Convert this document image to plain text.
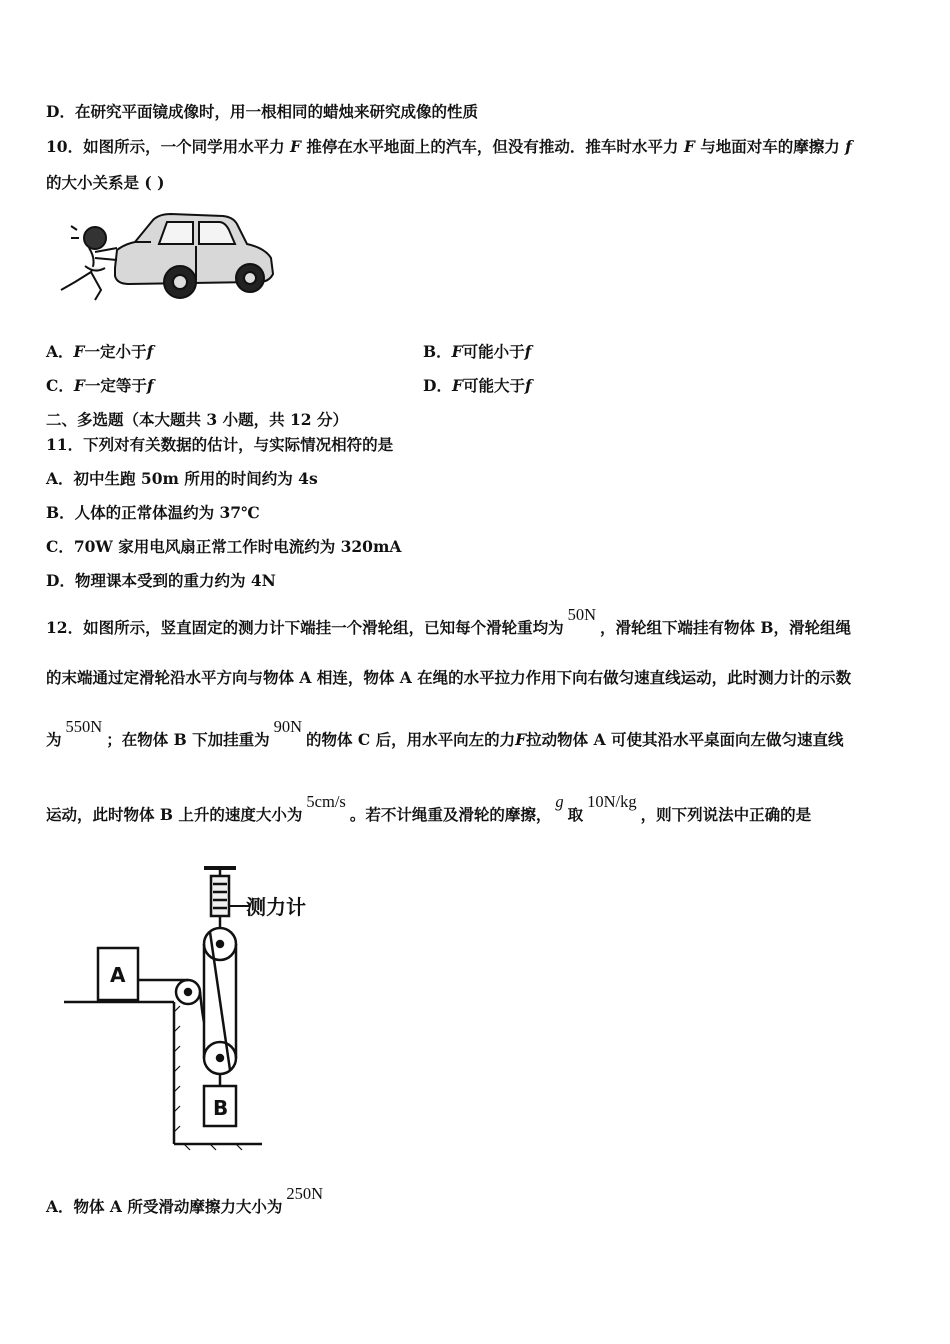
D．在研究平面镜成像时，用一根相同的蜡烛来研究成像的性质
10．如图所示，一个同学用水平力 F 推停在水平地面上的汽车，但没有推动．推车时水平力 F 与地面对车的摩擦力 f
的大小关系是 ( )
A．F一定小于f	B．F可能小于f
C．F一定等于f	D．F可能大于f
二、多选题（本大题共 3 小题，共 12 分）
11．下列对有关数据的估计，与实际情况相符的是
A．初中生跑 50m 所用的时间约为 4s
B．人体的正常体温约为 37℃
C．70W 家用电风扇正常工作时电流约为 320mA
D．物理课本受到的重力约为 4N
12．如图所示，竖直固定的测力计下端挂一个滑轮组，已知每个滑轮重均为50N，滑轮组下端挂有物体 B，滑轮组绳
的末端通过定滑轮沿水平方向与物体 A 相连，物体 A 在绳的水平拉力作用下向右做匀速直线运动，此时测力计的示数
为550N；在物体 B 下加挂重为90N的物体 C 后，用水平向左的力F拉动物体 A 可使其沿水平桌面向左做匀速直线
运动，此时物体 B 上升的速度大小为5cm/s。若不计绳重及滑轮的摩擦，g取10N/kg，则下列说法中正确的是
测力计
A
B
A．物体 A 所受滑动摩擦力大小为250N
